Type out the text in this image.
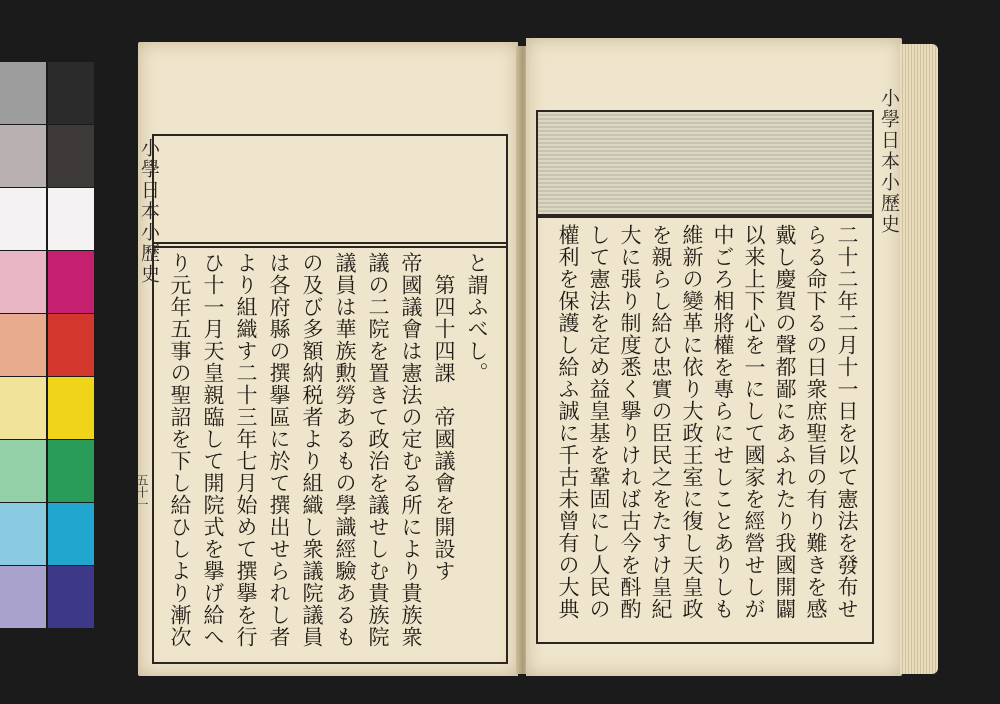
小學日本小歷史
五十一
と謂ふべし。
　第四十四課　帝國議會を開設す
帝國議會は憲法の定むる所により貴族衆
議の二院を置きて政治を議せしむ貴族院
議員は華族勲勞あるもの學識經驗あるも
の及び多額納税者より組織し衆議院議員
は各府縣の撰擧區に於て撰出せられし者
より組織す二十三年七月始めて撰擧を行
ひ十一月天皇親臨して開院式を擧げ給へ
り元年五事の聖詔を下し給ひしより漸次
小學日本小歷史
二十二年二月十一日を以て憲法を發布せ
らる命下るの日衆庶聖旨の有り難きを感
戴し慶賀の聲都鄙にあふれたり我國開闢
以来上下心を一にして國家を經營せしが
中ごろ相將權を專らにせしことありしも
維新の變革に依り大政王室に復し天皇政
を親らし給ひ忠實の臣民之をたすけ皇紀
大に張り制度悉く擧りければ古今を酙酌
して憲法を定め益皇基を鞏固にし人民の
權利を保護し給ふ誠に千古未曾有の大典
